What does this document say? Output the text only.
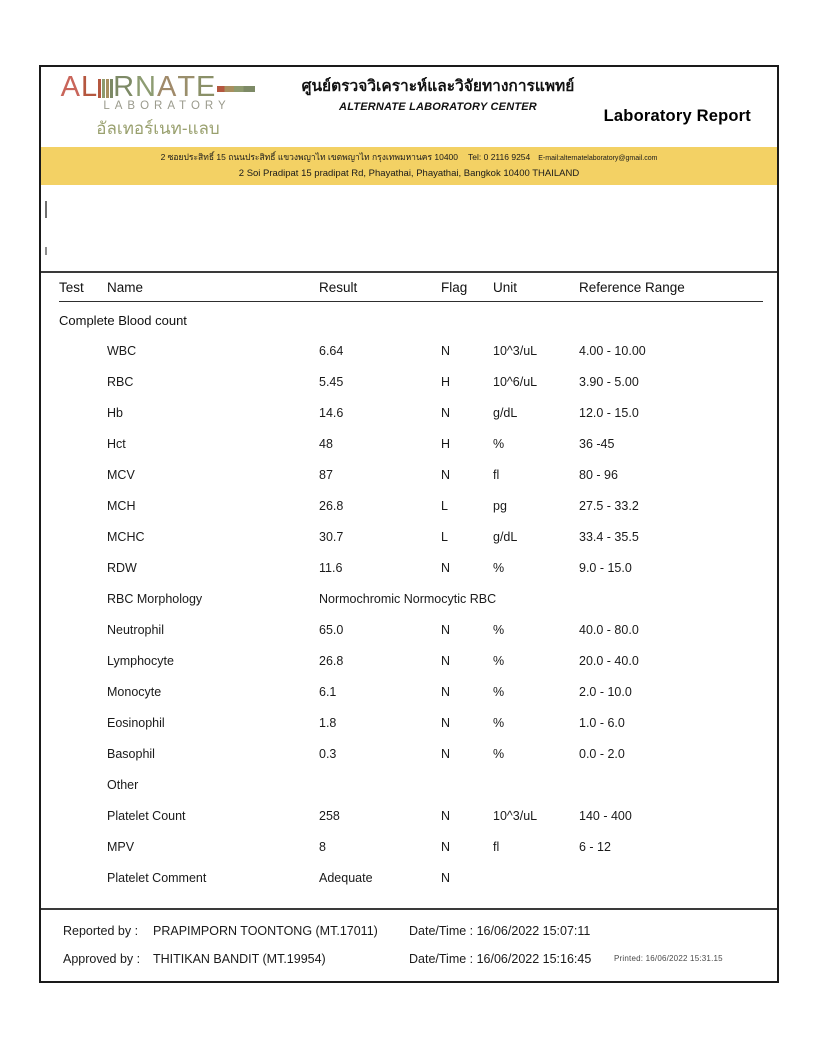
AL RNATE
LABORATORY
อัลเทอร์เนท-แลบ
ศูนย์ตรวจวิเคราะห์และวิจัยทางการแพทย์
ALTERNATE LABORATORY CENTER	Laboratory Report
2 ซอยประสิทธิ์ 15 ถนนประสิทธิ์ แขวงพญาไท เขตพญาไท กรุงเทพมหานคร 10400 Tel: 0 2116 9254 E-mail:alternatelaboratory@gmail.com
2 Soi Pradipat 15 pradipat Rd, Phayathai, Phayathai, Bangkok 10400 THAILAND
Test	Name	Result	Flag	Unit	Reference Range
Complete Blood count					
	WBC	6.64	N	10^3/uL	4.00 - 10.00
	RBC	5.45	H	10^6/uL	3.90 - 5.00
	Hb	14.6	N	g/dL	12.0 - 15.0
	Hct	48	H	%	36 -45
	MCV	87	N	fl	80 - 96
	MCH	26.8	L	pg	27.5 - 33.2
	MCHC	30.7	L	g/dL	33.4 - 35.5
	RDW	11.6	N	%	9.0 - 15.0
	RBC Morphology	Normochromic Normocytic RBC			
	Neutrophil	65.0	N	%	40.0 - 80.0
	Lymphocyte	26.8	N	%	20.0 - 40.0
	Monocyte	6.1	N	%	2.0 - 10.0
	Eosinophil	1.8	N	%	1.0 - 6.0
	Basophil	0.3	N	%	0.0 - 2.0
	Other				
	Platelet Count	258	N	10^3/uL	140 - 400
	MPV	8	N	fl	6 - 12
	Platelet Comment	Adequate	N		
Reported by : PRAPIMPORN TOONTONG (MT.17011) Date/Time : 16/06/2022 15:07:11
Approved by : THITIKAN BANDIT (MT.19954)	Date/Time : 16/06/2022 15:16:45	Printed: 16/06/2022 15:31.15
